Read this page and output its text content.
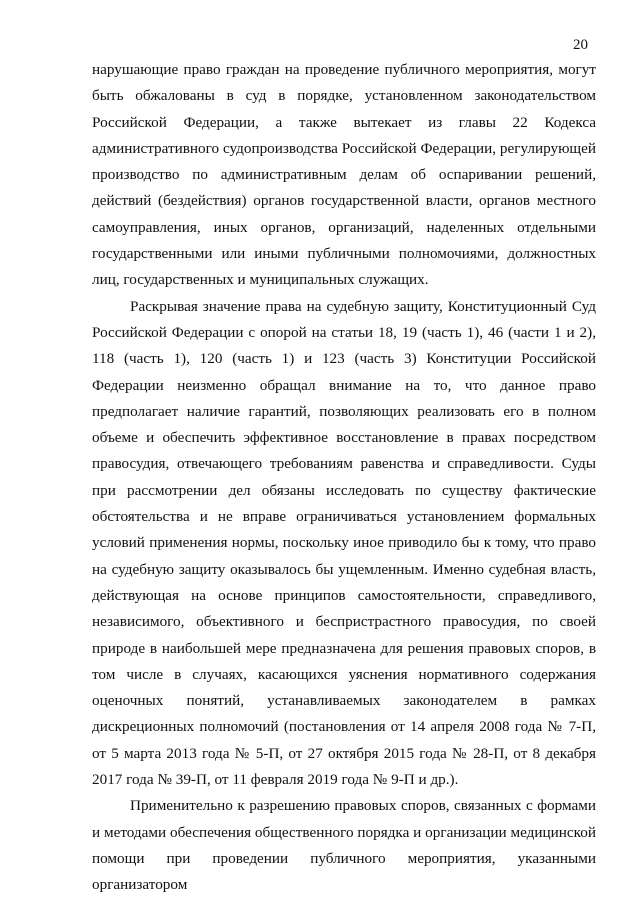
20

нарушающие право граждан на проведение публичного мероприятия, могут быть обжалованы в суд в порядке, установленном законодательством Российской Федерации, а также вытекает из главы 22 Кодекса административного судопроизводства Российской Федерации, регулирующей производство по административным делам об оспаривании решений, действий (бездействия) органов государственной власти, органов местного самоуправления, иных органов, организаций, наделенных отдельными государственными или иными публичными полномочиями, должностных лиц, государственных и муниципальных служащих.

Раскрывая значение права на судебную защиту, Конституционный Суд Российской Федерации с опорой на статьи 18, 19 (часть 1), 46 (части 1 и 2), 118 (часть 1), 120 (часть 1) и 123 (часть 3) Конституции Российской Федерации неизменно обращал внимание на то, что данное право предполагает наличие гарантий, позволяющих реализовать его в полном объеме и обеспечить эффективное восстановление в правах посредством правосудия, отвечающего требованиям равенства и справедливости. Суды при рассмотрении дел обязаны исследовать по существу фактические обстоятельства и не вправе ограничиваться установлением формальных условий применения нормы, поскольку иное приводило бы к тому, что право на судебную защиту оказывалось бы ущемленным. Именно судебная власть, действующая на основе принципов самостоятельности, справедливого, независимого, объективного и беспристрастного правосудия, по своей природе в наибольшей мере предназначена для решения правовых споров, в том числе в случаях, касающихся уяснения нормативного содержания оценочных понятий, устанавливаемых законодателем в рамках дискреционных полномочий (постановления от 14 апреля 2008 года № 7-П, от 5 марта 2013 года № 5-П, от 27 октября 2015 года № 28-П, от 8 декабря 2017 года № 39-П, от 11 февраля 2019 года № 9-П и др.).

Применительно к разрешению правовых споров, связанных с формами и методами обеспечения общественного порядка и организации медицинской помощи при проведении публичного мероприятия, указанными организатором
